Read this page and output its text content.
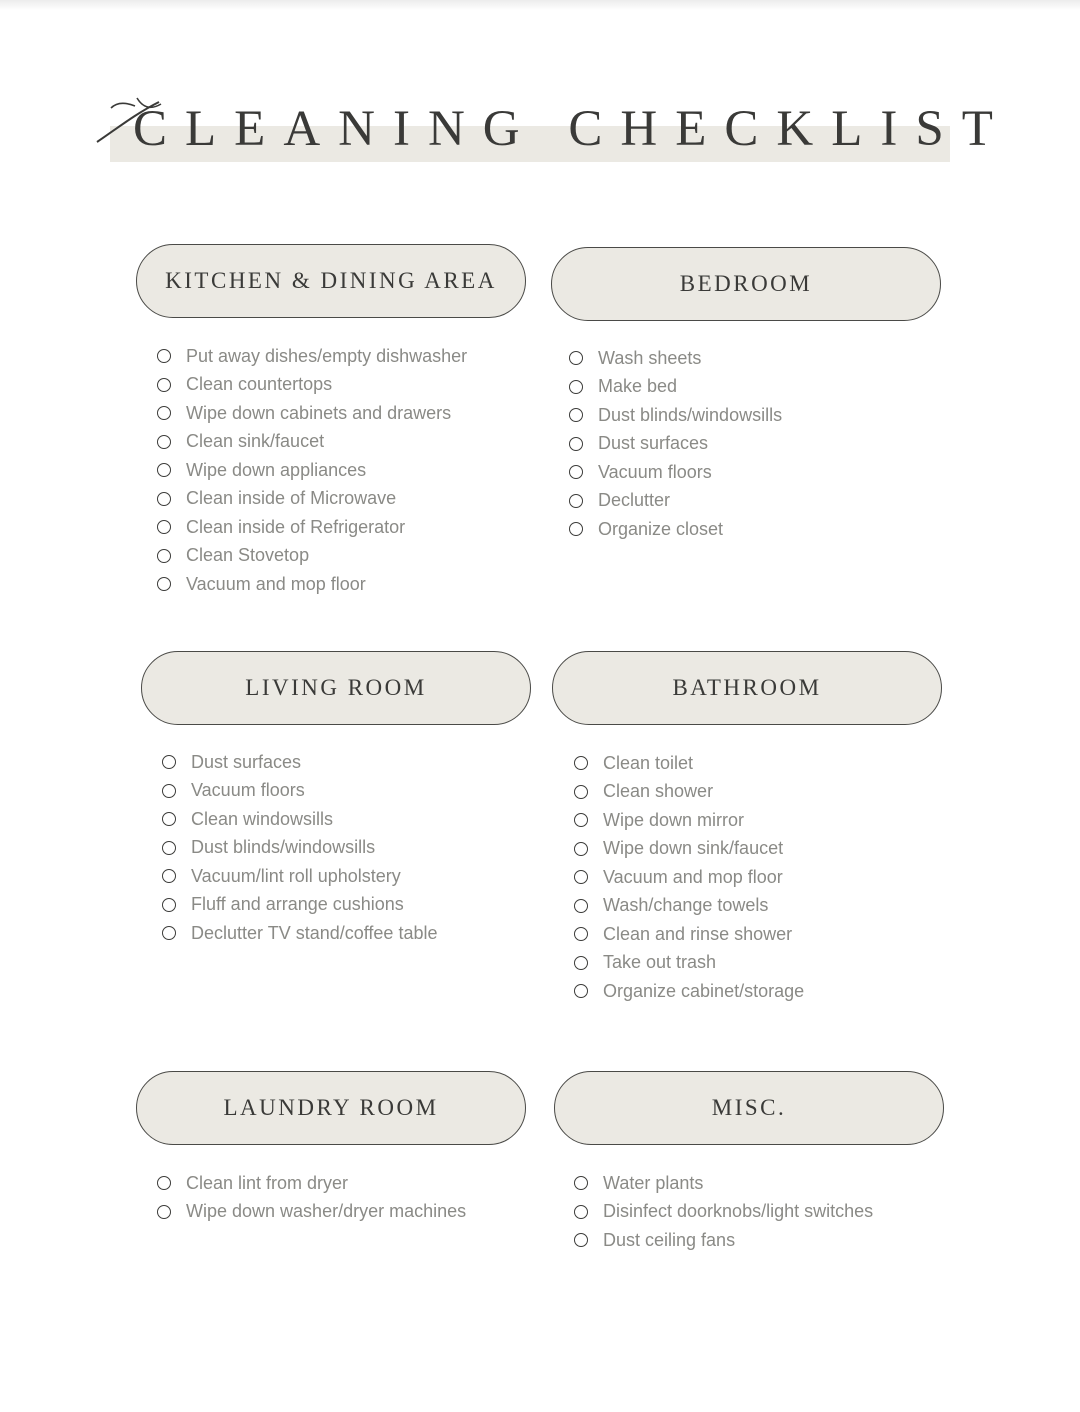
CLEANING CHECKLIST
KITCHEN & DINING AREA
Put away dishes/empty dishwasher
Clean countertops
Wipe down cabinets and drawers
Clean sink/faucet
Wipe down appliances
Clean inside of Microwave
Clean inside of Refrigerator
Clean Stovetop
Vacuum and mop floor
BEDROOM
Wash sheets
Make bed
Dust blinds/windowsills
Dust surfaces
Vacuum floors
Declutter
Organize closet
LIVING ROOM
Dust surfaces
Vacuum floors
Clean windowsills
Dust blinds/windowsills
Vacuum/lint roll upholstery
Fluff and arrange cushions
Declutter TV stand/coffee table
BATHROOM
Clean toilet
Clean shower
Wipe down mirror
Wipe down sink/faucet
Vacuum and mop floor
Wash/change towels
Clean and rinse shower
Take out trash
Organize cabinet/storage
LAUNDRY ROOM
Clean lint from dryer
Wipe down washer/dryer machines
MISC.
Water plants
Disinfect doorknobs/light switches
Dust ceiling fans
